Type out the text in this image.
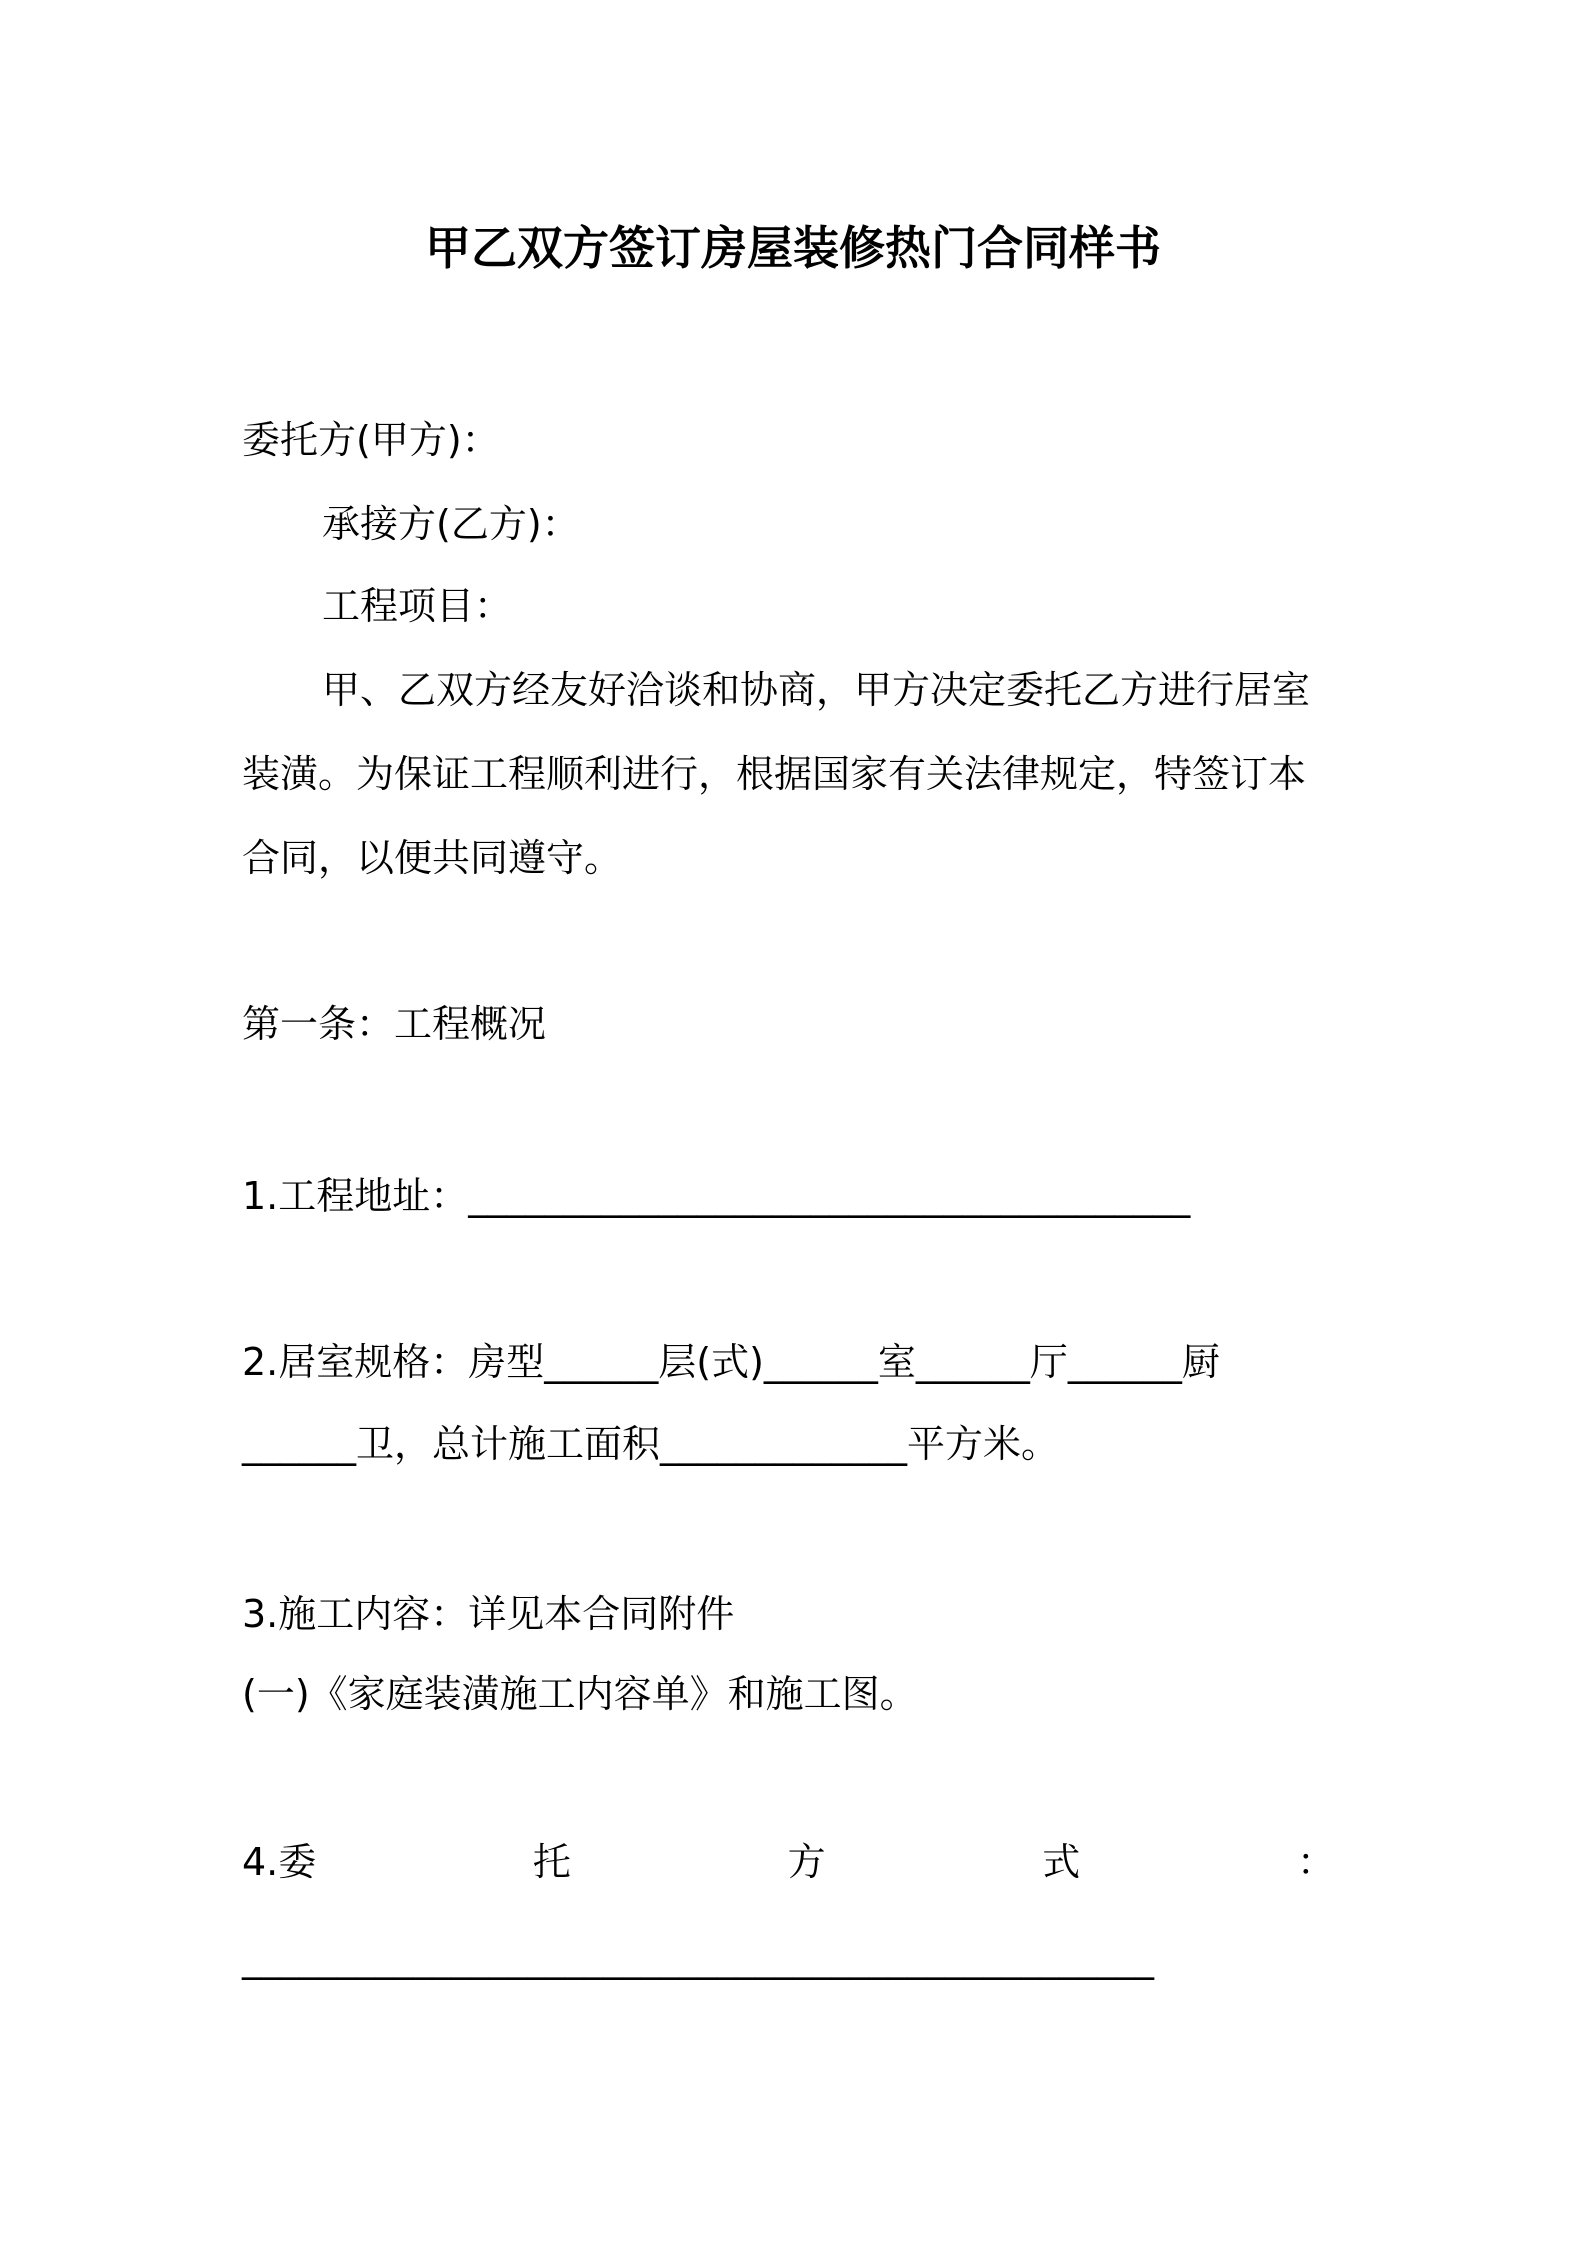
甲乙双方签订房屋装修热门合同样书
委托方(甲方)：
承接方(乙方)：
工程项目：
甲、乙双方经友好洽谈和协商，甲方决定委托乙方进行居室
装潢。为保证工程顺利进行，根据国家有关法律规定，特签订本
合同，以便共同遵守。
第一条：工程概况
1.工程地址：______________________________________
2.居室规格：房型______层(式)______室______厅______厨
______卫，总计施工面积_____________平方米。
3.施工内容：详见本合同附件
(一)《家庭装潢施工内容单》和施工图。
4.委	托	方	式	：
________________________________________________
